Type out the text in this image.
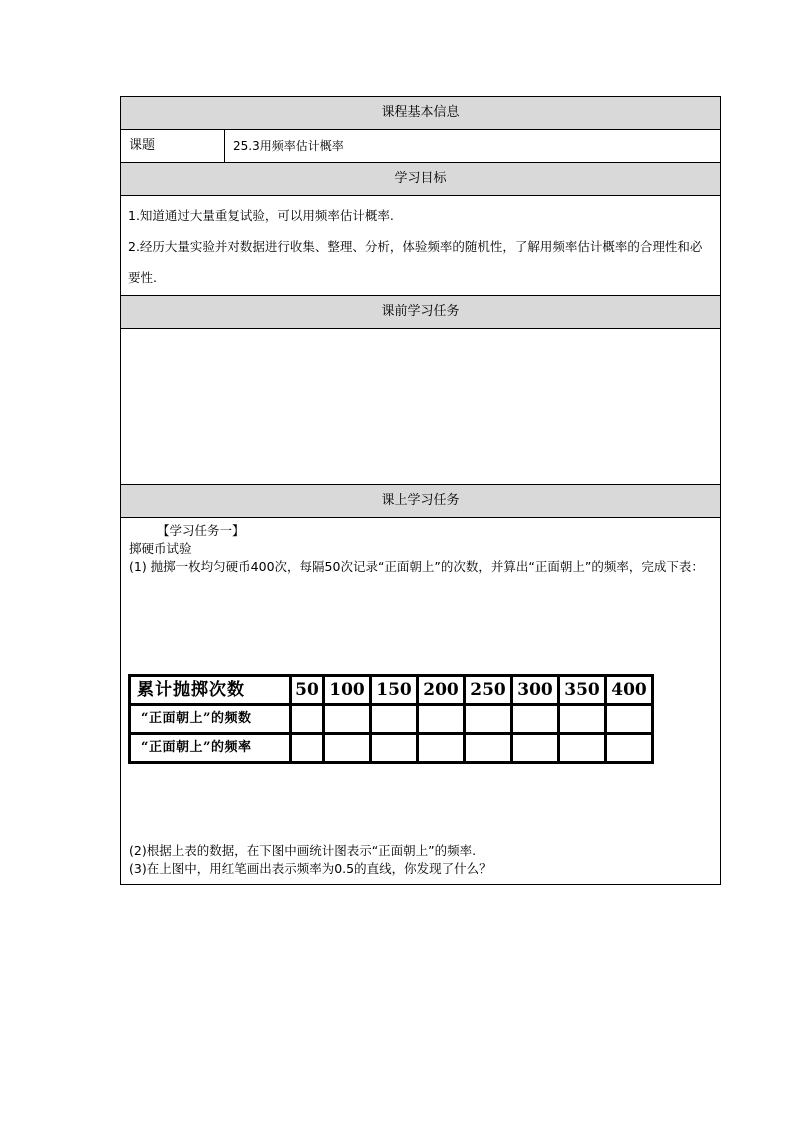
课程基本信息
课题	25.3用频率估计概率
学习目标

1.知道通过大量重复试验，可以用频率估计概率.

2.经历大量实验并对数据进行收集、整理、分析，体验频率的随机性，了解用频率估计概率的合理性和必要性.

课前学习任务
课上学习任务

【学习任务一】

掷硬币试验

(1) 抛掷一枚均匀硬币400次，每隔50次记录“正面朝上”的次数，并算出“正面朝上”的频率，完成下表：

累计抛掷次数	50	100	150	200	250	300	350	400
“正面朝上”的频数								
“正面朝上”的频率								

(2)根据上表的数据，在下图中画统计图表示“正面朝上”的频率.

(3)在上图中，用红笔画出表示频率为0.5的直线，你发现了什么？
